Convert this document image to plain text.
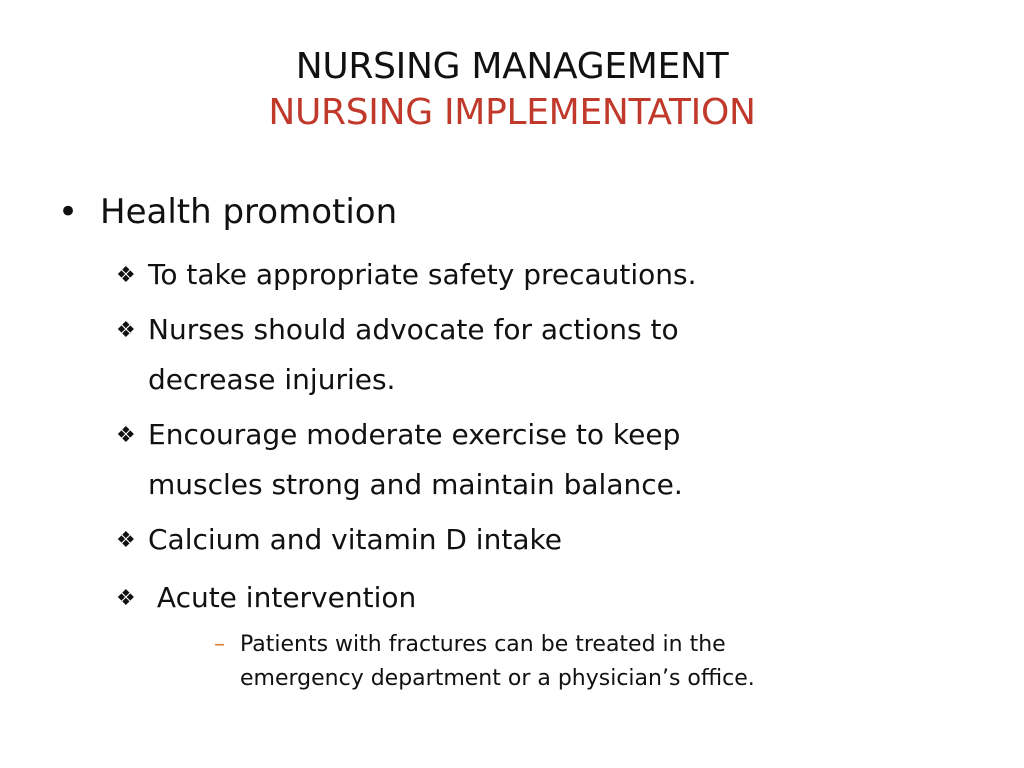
NURSING MANAGEMENT
NURSING IMPLEMENTATION
• Health promotion
❖ To take appropriate safety precautions.
❖ Nurses should advocate for actions to decrease injuries.
❖ Encourage moderate exercise to keep muscles strong and maintain balance.
❖ Calcium and vitamin D intake
❖ Acute intervention
– Patients with fractures can be treated in the emergency department or a physician’s office.
